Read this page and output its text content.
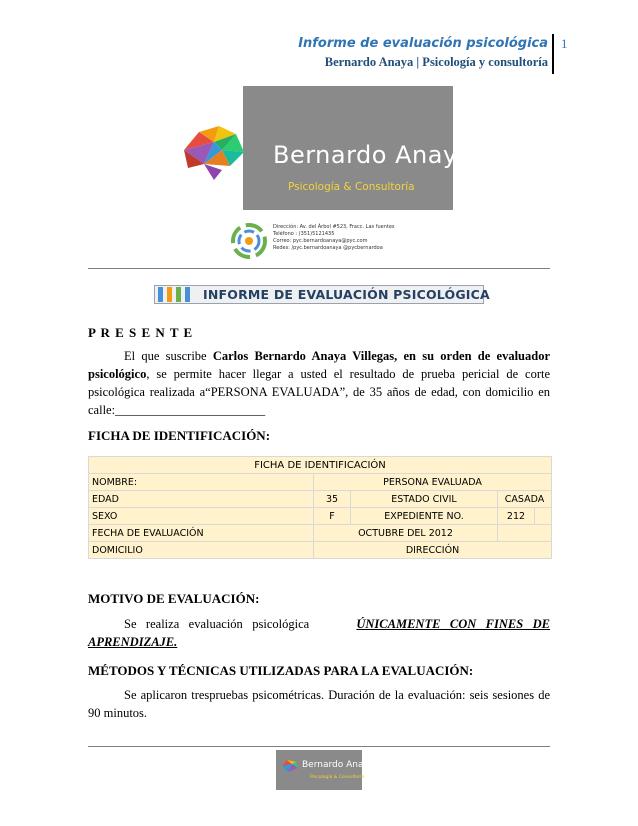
Informe de evaluación psicológica
Bernardo Anaya | Psicología y consultoría
1
Bernardo Anaya
Psicología & Consultoría
Dirección: Av. del Árbol #523, Fracc. Las fuentes
Teléfono : (351)5121435
Correo: pyc.bernardoanaya@pyc.com
Redes: /pyc.bernardoanaya @pycbernardoa
INFORME DE EVALUACIÓN PSICOLÓGICA
P R E S E N T E
El que suscribe Carlos Bernardo Anaya Villegas, en su orden de evaluador psicológico, se permite hacer llegar a usted el resultado de prueba pericial de corte psicológica realizada a“PERSONA EVALUADA”, de 35 años de edad, con domicilio en calle:________________________
FICHA DE IDENTIFICACIÓN:
FICHA DE IDENTIFICACIÓN				
NOMBRE:	PERSONA EVALUADA			
EDAD	35	ESTADO CIVIL	CASADA	
SEXO	F	EXPEDIENTE NO.	212	
FECHA DE EVALUACIÓN	OCTUBRE DEL 2012			
DOMICILIO	DIRECCIÓN			
MOTIVO DE EVALUACIÓN:
Se realiza evaluación psicológica	ÚNICAMENTE CON FINES DE APRENDIZAJE.
MÉTODOS Y TÉCNICAS UTILIZADAS PARA LA EVALUACIÓN:
Se aplicaron trespruebas psicométricas. Duración de la evaluación: seis sesiones de 90 minutos.
Bernardo Anaya
Psicología & Consultoría
